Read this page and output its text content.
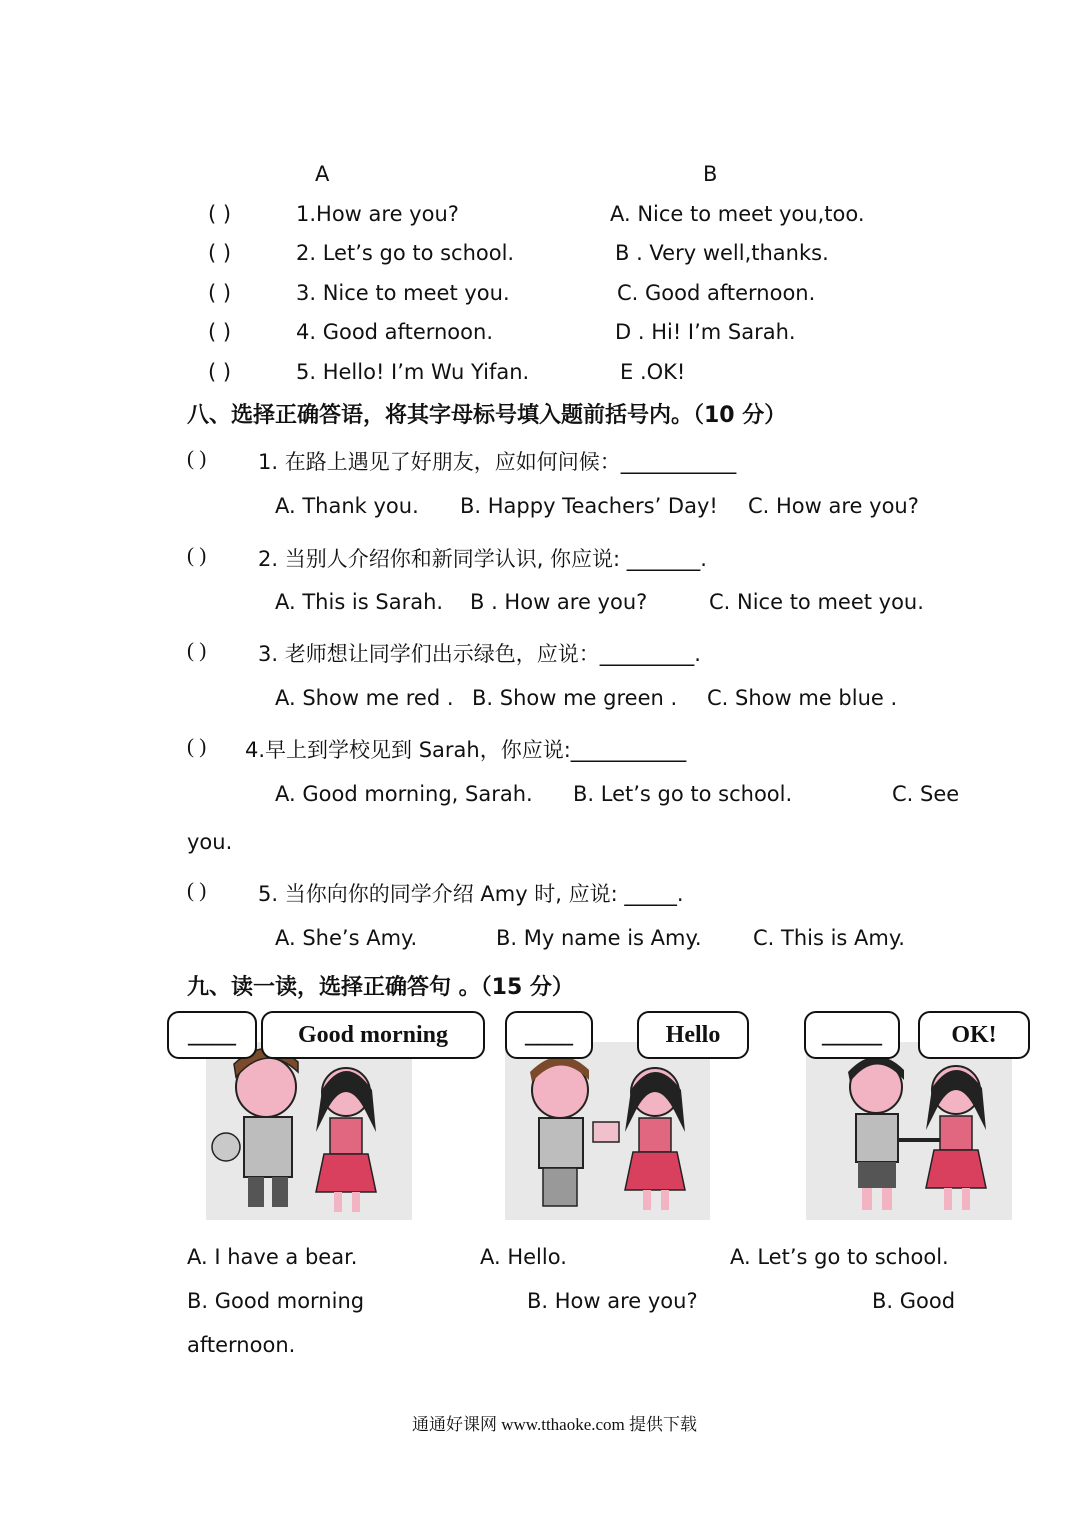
A	B
( )	1.How are you?	A. Nice to meet you,too.
( )	2. Let’s go to school.	B . Very well,thanks.
( )	3. Nice to meet you.	C. Good afternoon.
( )	4. Good afternoon.	D . Hi! I’m Sarah.
( )	5. Hello! I’m Wu Yifan.	E .OK!
八、选择正确答语，将其字母标号填入题前括号内。（10 分）
( ) 1. 在路上遇见了好朋友，应如何问候：___________
A. Thank you. B. Happy Teachers’ Day! C. How are you?
( ) 2. 当别人介绍你和新同学认识, 你应说: _______.
A. This is Sarah. B . How are you?	C. Nice to meet you.
( ) 3. 老师想让同学们出示绿色，应说：_________.
A. Show me red . B. Show me green . C. Show me blue .
( ) 4.早上到学校见到 Sarah，你应说:___________
A. Good morning, Sarah. B. Let’s go to school.	C. See
you.
( ) 5. 当你向你的同学介绍 Amy 时, 应说: _____.
A. She’s Amy.	B. My name is Amy. C. This is Amy.
九、读一读，选择正确答句 。（15 分）
____	Good morning	____	Hello	_____	OK!
A. I have a bear.	A. Hello.	A. Let’s go to school.
B. Good morning	B. How are you?	B. Good
afternoon.
通通好课网 www.tthaoke.com 提供下载
